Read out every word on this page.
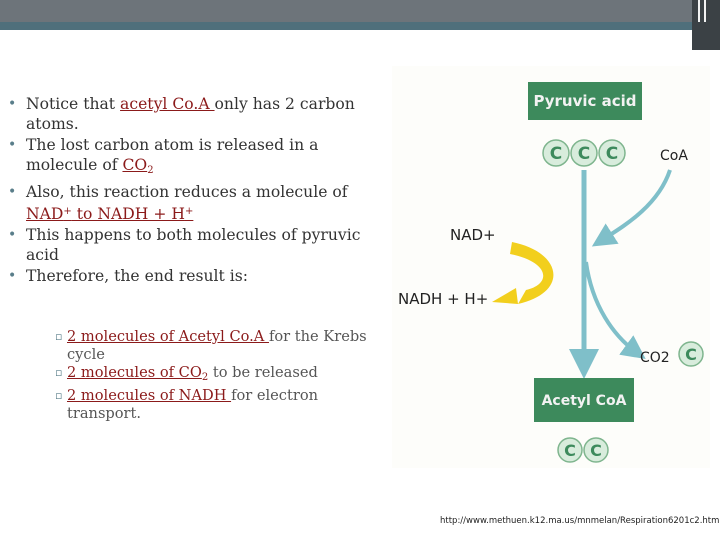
• Notice that acetyl Co.A only has 2 carbon atoms.
• The lost carbon atom is released in a molecule of $CO_2$
• Also, this reaction reduces a molecule of NAD+ to NADH + H+
• This happens to both molecules of pyruvic acid
• Therefore, the end result is:
▫ 2 molecules of Acetyl Co.A for the Krebs cycle
▫ 2 molecules of $CO_2$ to be released
▫ 2 molecules of NADH for electron transport.
Pyruvic acid
C C C	CoA
NAD+
NADH + H+
CO2 C
Acetyl CoA
C C
http://www.methuen.k12.ma.us/mnmelan/Respiration6201c2.htm
